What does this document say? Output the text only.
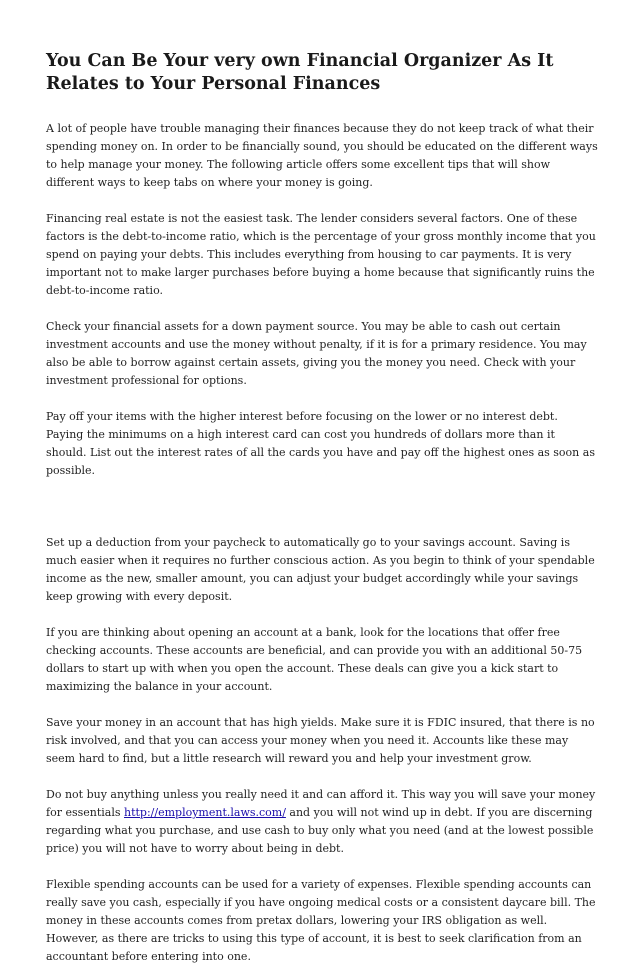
You Can Be Your very own Financial Organizer As It Relates to Your Personal Finances

A lot of people have trouble managing their finances because they do not keep track of what their spending money on. In order to be financially sound, you should be educated on the different ways to help manage your money. The following article offers some excellent tips that will show different ways to keep tabs on where your money is going.

Financing real estate is not the easiest task. The lender considers several factors. One of these factors is the debt-to-income ratio, which is the percentage of your gross monthly income that you spend on paying your debts. This includes everything from housing to car payments. It is very important not to make larger purchases before buying a home because that significantly ruins the debt-to-income ratio.

Check your financial assets for a down payment source. You may be able to cash out certain investment accounts and use the money without penalty, if it is for a primary residence. You may also be able to borrow against certain assets, giving you the money you need. Check with your investment professional for options.

Pay off your items with the higher interest before focusing on the lower or no interest debt. Paying the minimums on a high interest card can cost you hundreds of dollars more than it should. List out the interest rates of all the cards you have and pay off the highest ones as soon as possible.

Set up a deduction from your paycheck to automatically go to your savings account. Saving is much easier when it requires no further conscious action. As you begin to think of your spendable income as the new, smaller amount, you can adjust your budget accordingly while your savings keep growing with every deposit.

If you are thinking about opening an account at a bank, look for the locations that offer free checking accounts. These accounts are beneficial, and can provide you with an additional 50-75 dollars to start up with when you open the account. These deals can give you a kick start to maximizing the balance in your account.

Save your money in an account that has high yields. Make sure it is FDIC insured, that there is no risk involved, and that you can access your money when you need it. Accounts like these may seem hard to find, but a little research will reward you and help your investment grow.

Do not buy anything unless you really need it and can afford it. This way you will save your money for essentials http://employment.laws.com/ and you will not wind up in debt. If you are discerning regarding what you purchase, and use cash to buy only what you need (and at the lowest possible price) you will not have to worry about being in debt.

Flexible spending accounts can be used for a variety of expenses. Flexible spending accounts can really save you cash, especially if you have ongoing medical costs or a consistent daycare bill. The money in these accounts comes from pretax dollars, lowering your IRS obligation as well. However, as there are tricks to using this type of account, it is best to seek clarification from an accountant before entering into one.
